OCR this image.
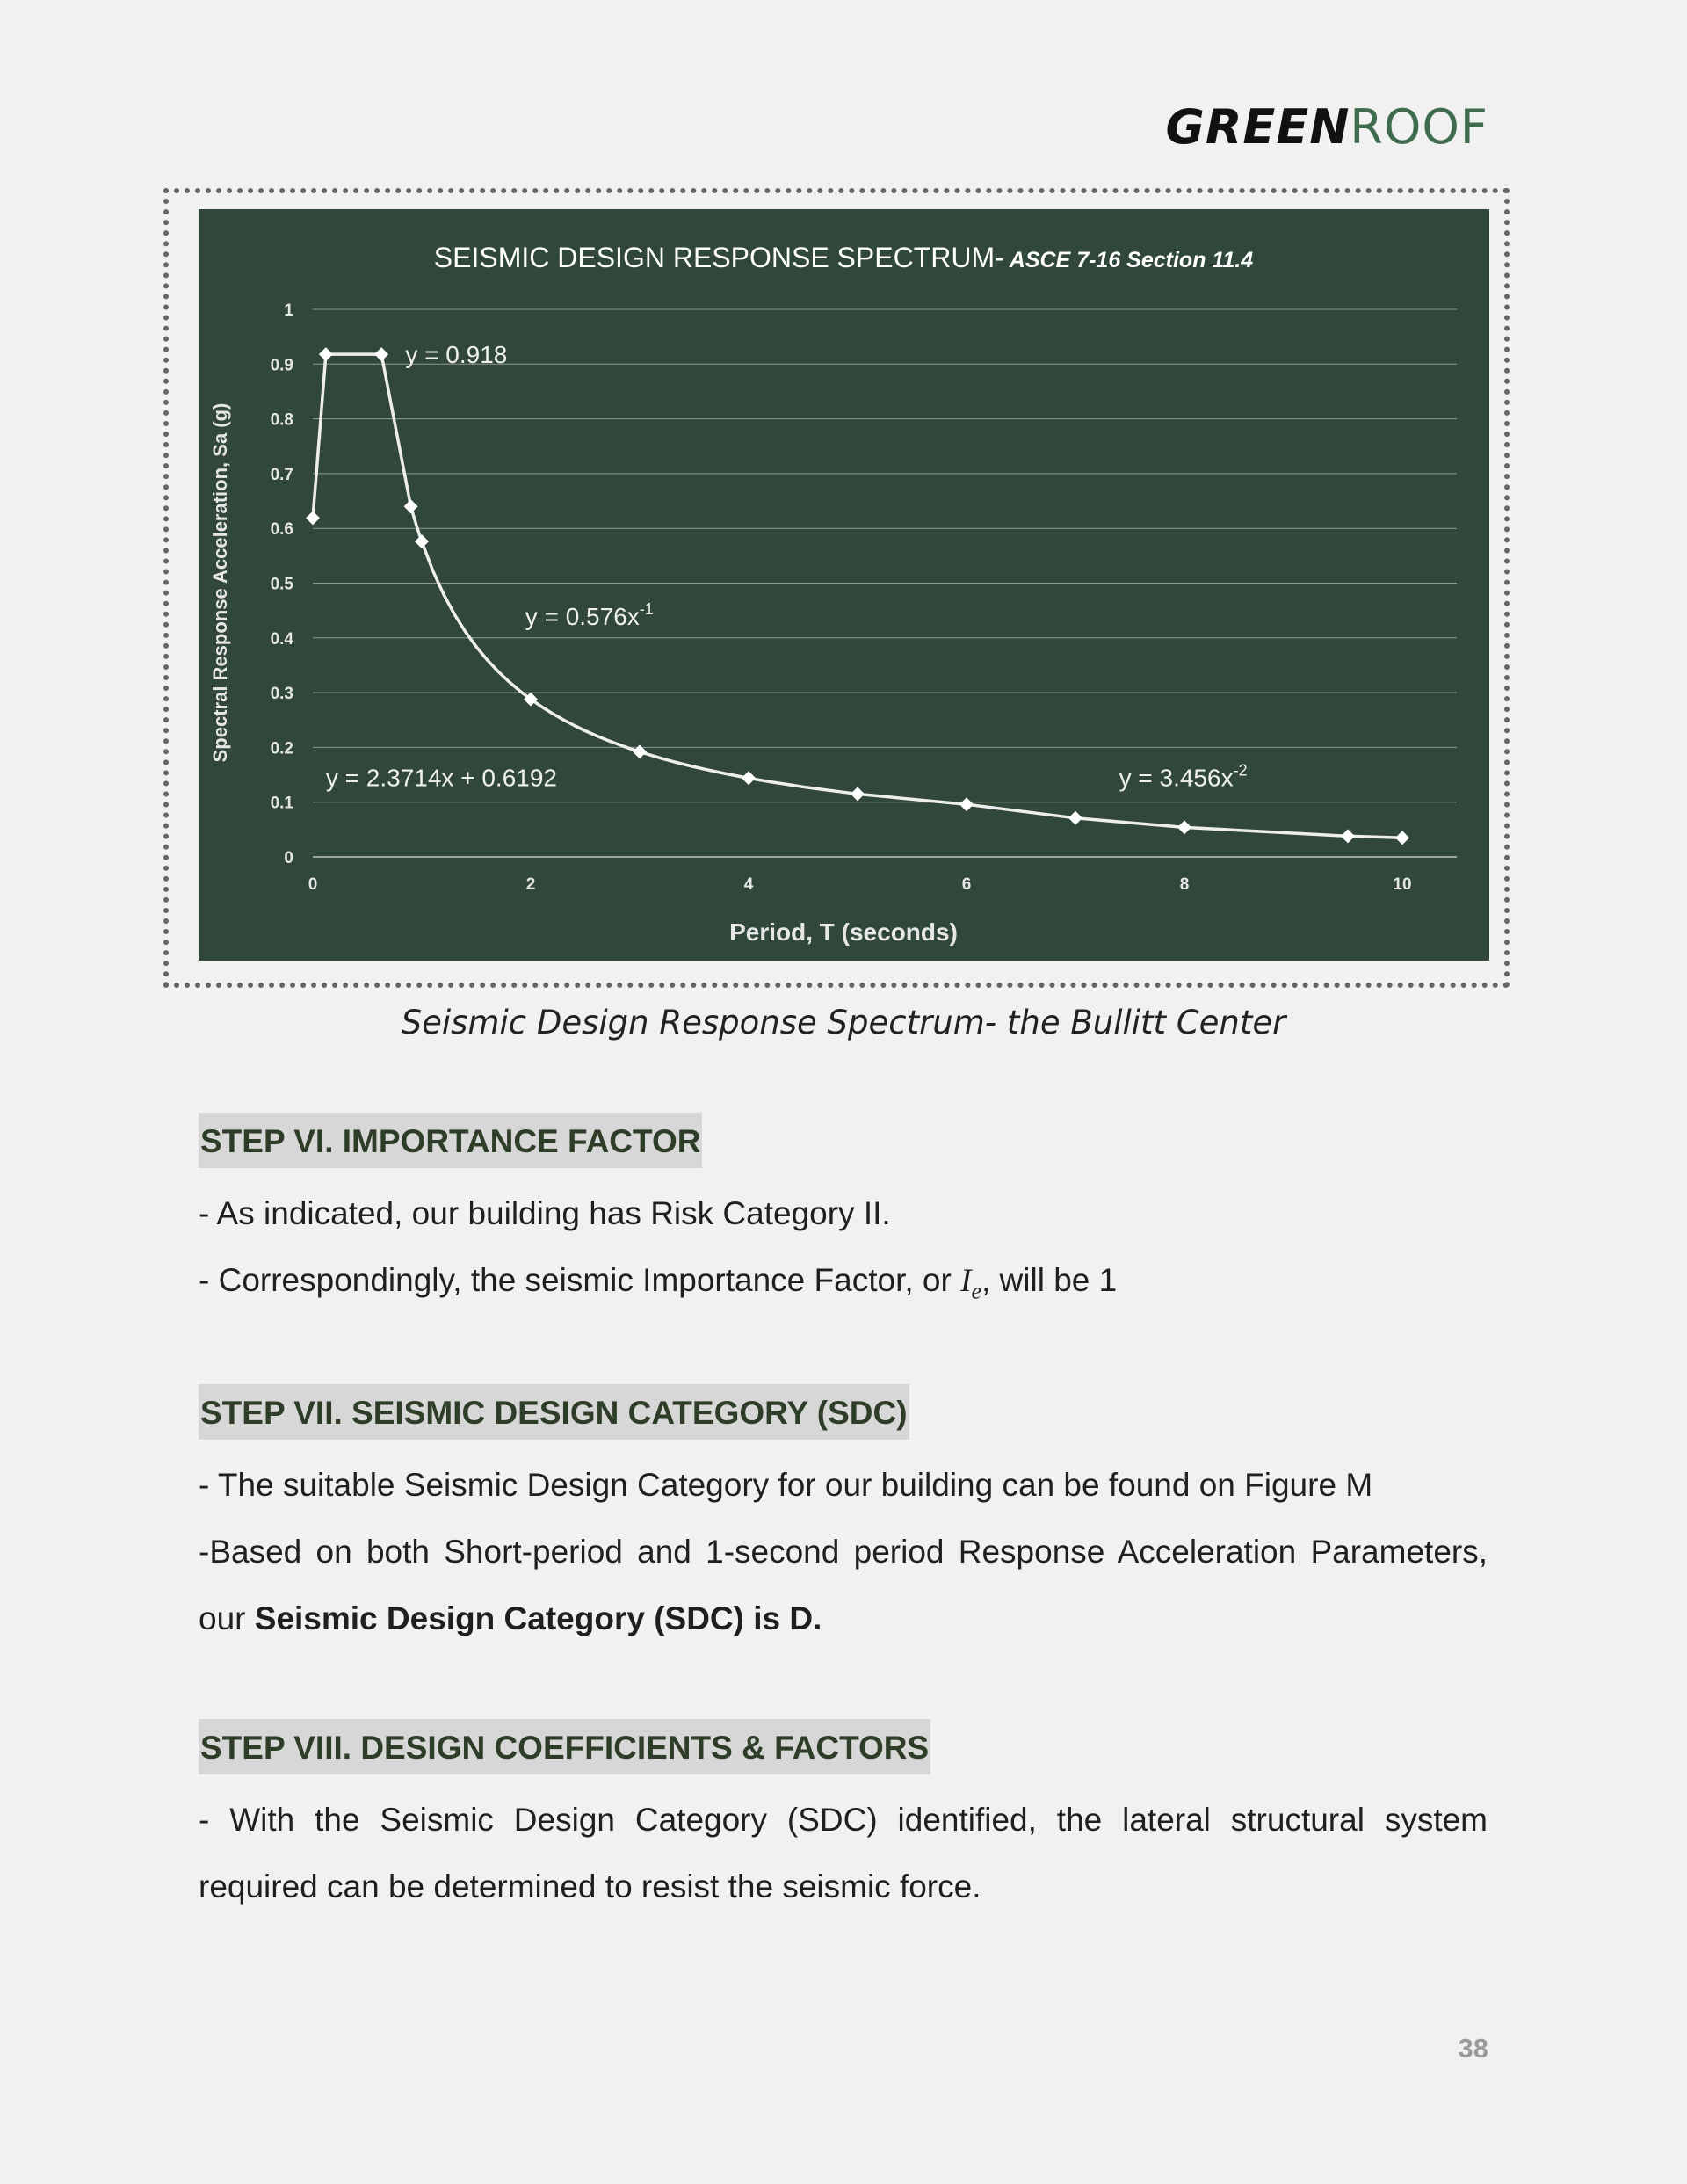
GREENROOF
SEISMIC DESIGN RESPONSE SPECTRUM- ASCE 7-16 Section 11.4
0
0.1
0.2
0.3
0.4
0.5
0.6
0.7
0.8
0.9
1
0	2	4	6	8	10
Period, T (seconds)
Spectral Response Acceleration, Sa (g)
y = 0.918
$y = 0.576x^{-1}$
y = 2.3714x + 0.6192	$y = 3.456x^{-2}$
Seismic Design Response Spectrum- the Bullitt Center
STEP VI. IMPORTANCE FACTOR

- As indicated, our building has Risk Category II.

- Correspondingly, the seismic Importance Factor, or $I_e$, will be 1

STEP VII. SEISMIC DESIGN CATEGORY (SDC)

- The suitable Seismic Design Category for our building can be found on Figure M

-Based on both Short-period and 1-second period Response Acceleration Parameters, our Seismic Design Category (SDC) is D.

STEP VIII. DESIGN COEFFICIENTS & FACTORS

- With the Seismic Design Category (SDC) identified, the lateral structural system required can be determined to resist the seismic force.

38
